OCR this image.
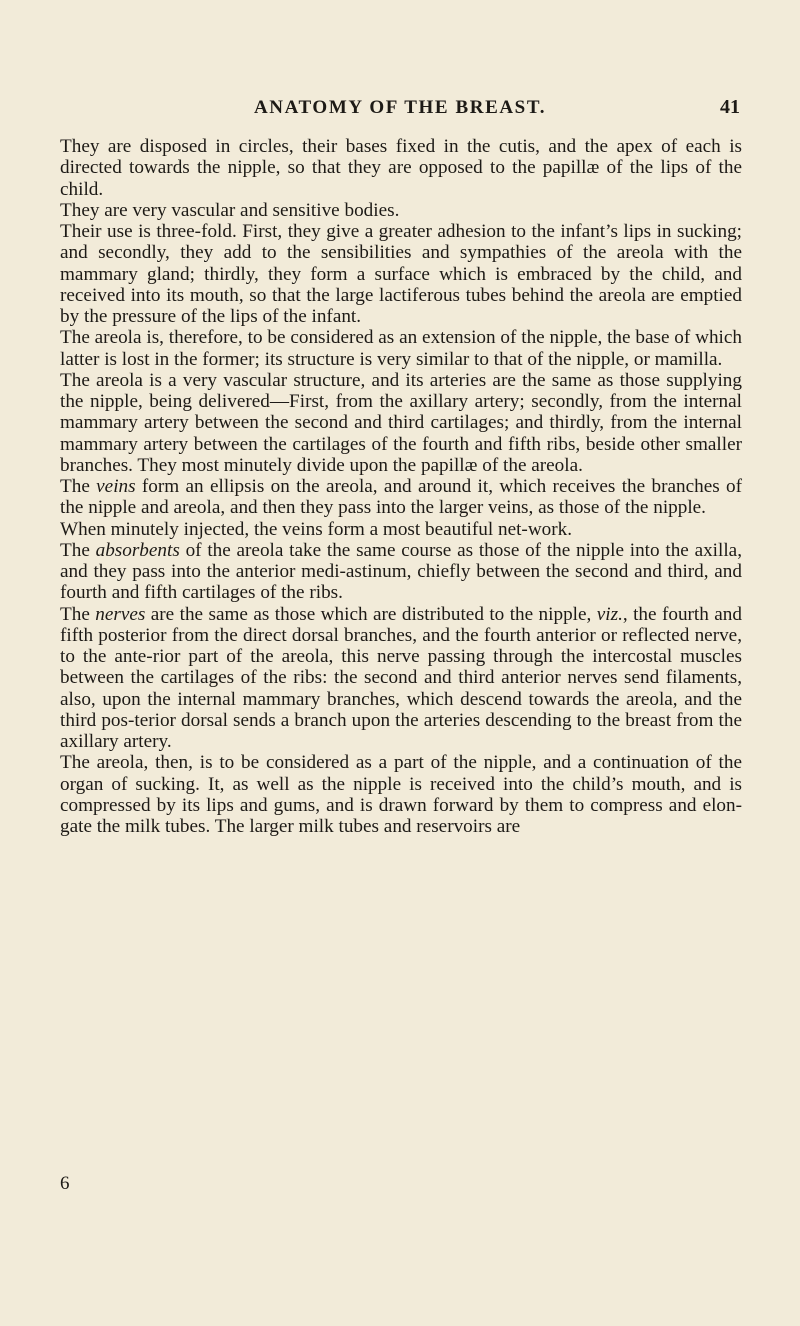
ANATOMY OF THE BREAST.	41

They are disposed in circles, their bases fixed in the cutis, and the apex of each is directed towards the nipple, so that they are opposed to the papillæ of the lips of the child.

They are very vascular and sensitive bodies.

Their use is three-fold. First, they give a greater adhesion to the infant’s lips in sucking; and secondly, they add to the sensibilities and sympathies of the areola with the mammary gland; thirdly, they form a surface which is embraced by the child, and received into its mouth, so that the large lactiferous tubes behind the areola are emptied by the pressure of the lips of the infant.

The areola is, therefore, to be considered as an extension of the nipple, the base of which latter is lost in the former; its structure is very similar to that of the nipple, or mamilla.

The areola is a very vascular structure, and its arteries are the same as those supplying the nipple, being delivered—First, from the axillary artery; secondly, from the internal mammary artery between the second and third cartilages; and thirdly, from the internal mammary artery between the cartilages of the fourth and fifth ribs, beside other smaller branches. They most minutely divide upon the papillæ of the areola.

The veins form an ellipsis on the areola, and around it, which receives the branches of the nipple and areola, and then they pass into the larger veins, as those of the nipple.

When minutely injected, the veins form a most beautiful net-work.

The absorbents of the areola take the same course as those of the nipple into the axilla, and they pass into the anterior medi-astinum, chiefly between the second and third, and fourth and fifth cartilages of the ribs.

The nerves are the same as those which are distributed to the nipple, viz., the fourth and fifth posterior from the direct dorsal branches, and the fourth anterior or reflected nerve, to the ante-rior part of the areola, this nerve passing through the intercostal muscles between the cartilages of the ribs: the second and third anterior nerves send filaments, also, upon the internal mammary branches, which descend towards the areola, and the third pos-terior dorsal sends a branch upon the arteries descending to the breast from the axillary artery.

The areola, then, is to be considered as a part of the nipple, and a continuation of the organ of sucking. It, as well as the nipple is received into the child’s mouth, and is compressed by its lips and gums, and is drawn forward by them to compress and elon-gate the milk tubes. The larger milk tubes and reservoirs are

6
